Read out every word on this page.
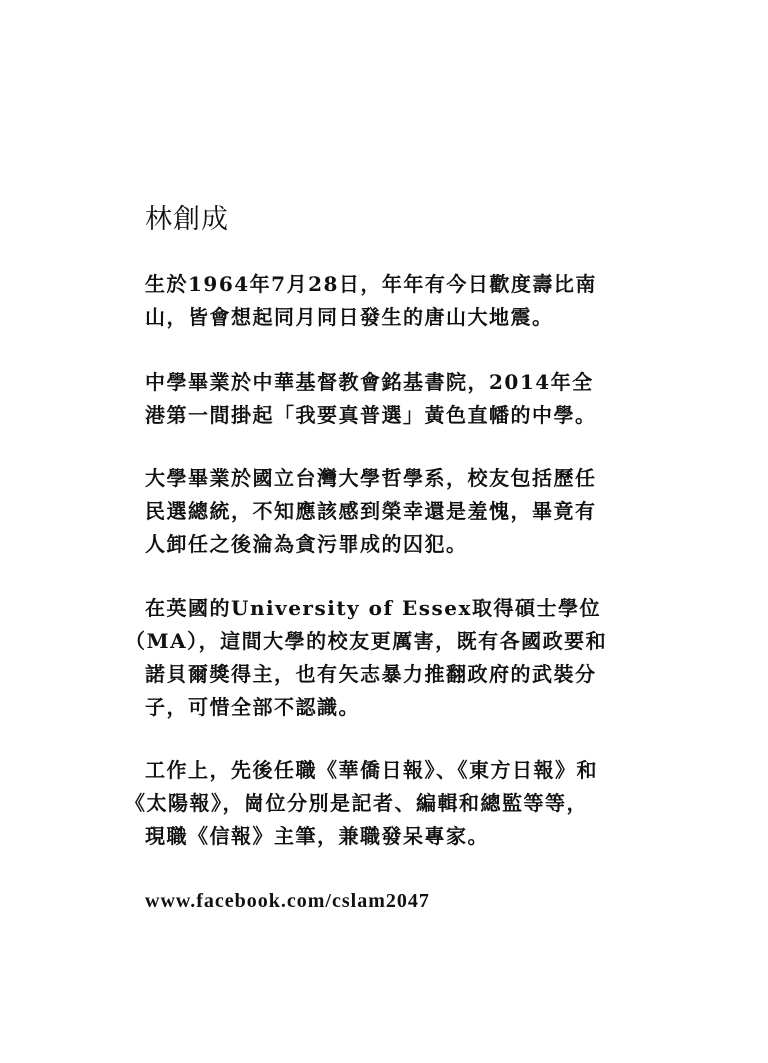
林創成

生於1964年7月28日，年年有今日歡度壽比南
山，皆會想起同月同日發生的唐山大地震。

中學畢業於中華基督教會銘基書院，2014年全
港第一間掛起「我要真普選」黃色直幡的中學。

大學畢業於國立台灣大學哲學系，校友包括歷任
民選總統，不知應該感到榮幸還是羞愧，畢竟有
人卸任之後淪為貪污罪成的囚犯。

在英國的University of Essex取得碩士學位
（MA），這間大學的校友更厲害，既有各國政要和
諾貝爾獎得主，也有矢志暴力推翻政府的武裝分
子，可惜全部不認識。

工作上，先後任職《華僑日報》、《東方日報》和
《太陽報》，崗位分別是記者、編輯和總監等等，
現職《信報》主筆，兼職發呆專家。

www.facebook.com/cslam2047
